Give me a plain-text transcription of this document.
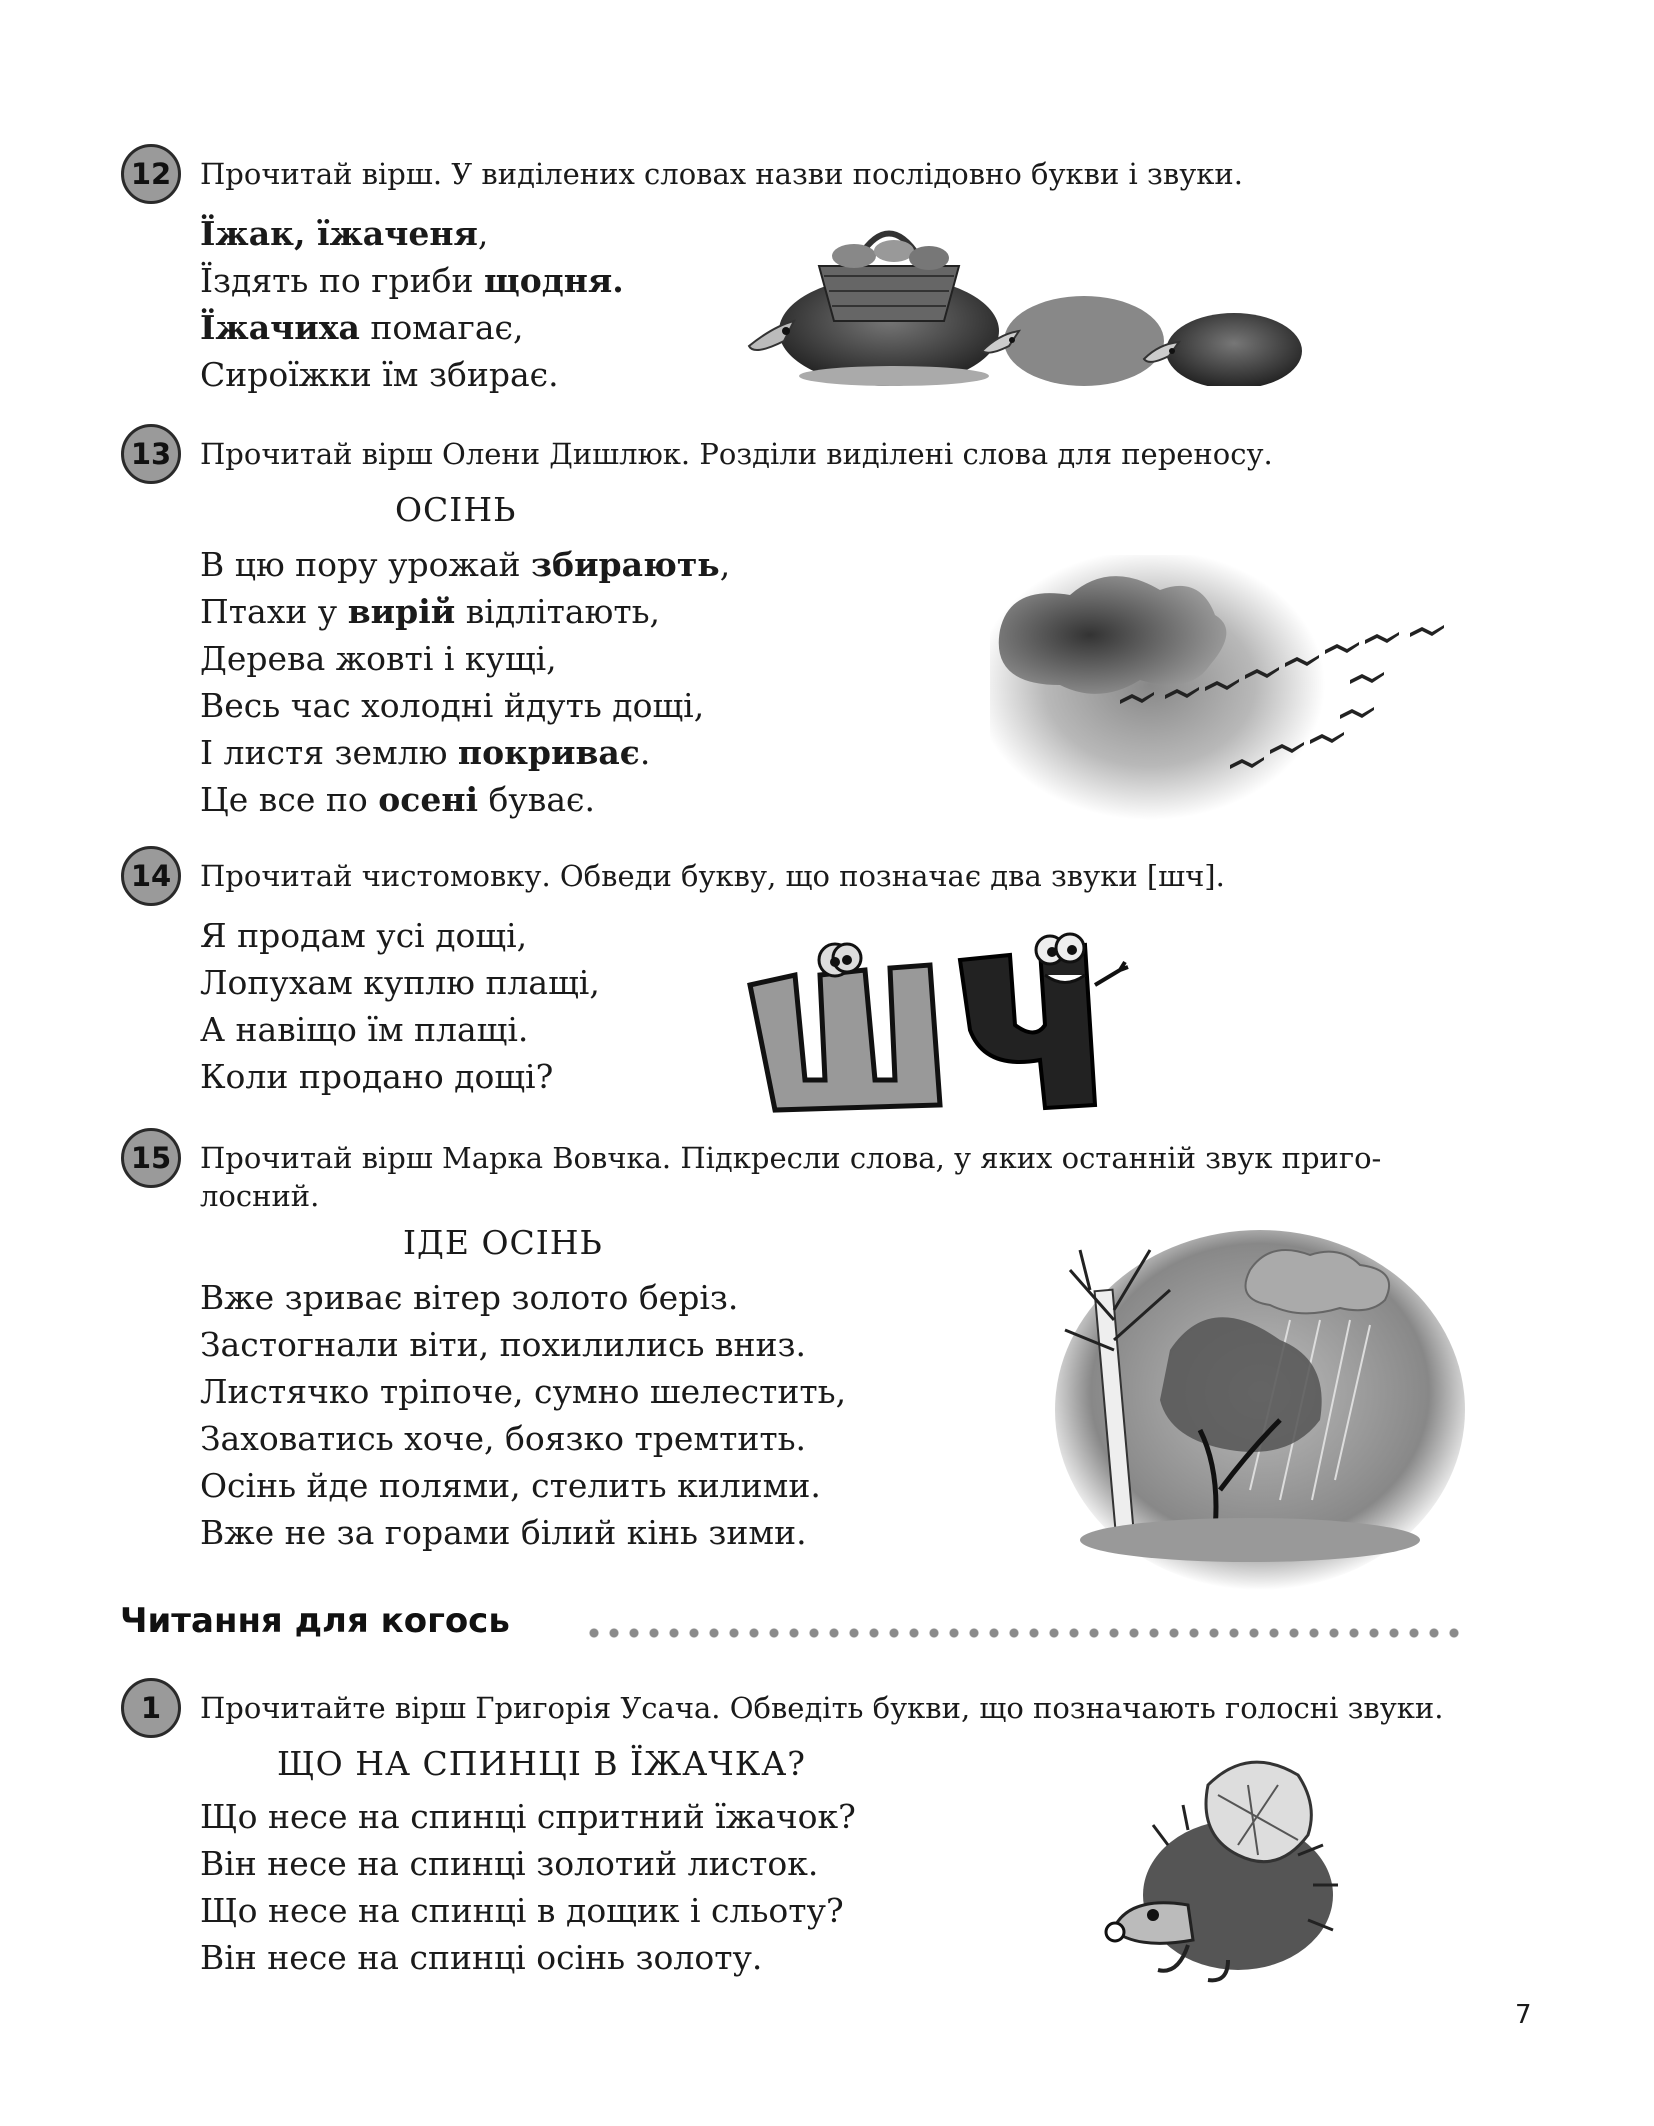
12 Прочитай вірш. У виділених словах назви послідовно букви і звуки.
Їжак, їжаченя,
Їздять по гриби щодня.
Їжачиха помагає,
Сироїжки їм збирає.
13 Прочитай вірш Олени Дишлюк. Розділи виділені слова для переносу.
ОСІНЬ
В цю пору урожай збирають,
Птахи у вирій відлітають,
Дерева жовті і кущі,
Весь час холодні йдуть дощі,
І листя землю покриває.
Це все по осені буває.
14 Прочитай чистомовку. Обведи букву, що позначає два звуки [шч].
Я продам усі дощі,
Лопухам куплю плащі,
А навіщо їм плащі.
Коли продано дощі?
15 Прочитай вірш Марка Вовчка. Підкресли слова, у яких останній звук приго-
лосний.
ІДЕ ОСІНЬ
Вже зриває вітер золото беріз.
Застогнали віти, похилились вниз.
Листячко тріпоче, сумно шелестить,
Заховатись хоче, боязко тремтить.
Осінь йде полями, стелить килими.
Вже не за горами білий кінь зими.
Читання для когось
1 Прочитайте вірш Григорія Усача. Обведіть букви, що позначають голосні звуки.
ЩО НА СПИНЦІ В ЇЖАЧКА?
Що несе на спинці спритний їжачок?
Він несе на спинці золотий листок.
Що несе на спинці в дощик і сльоту?
Він несе на спинці осінь золоту.
7
